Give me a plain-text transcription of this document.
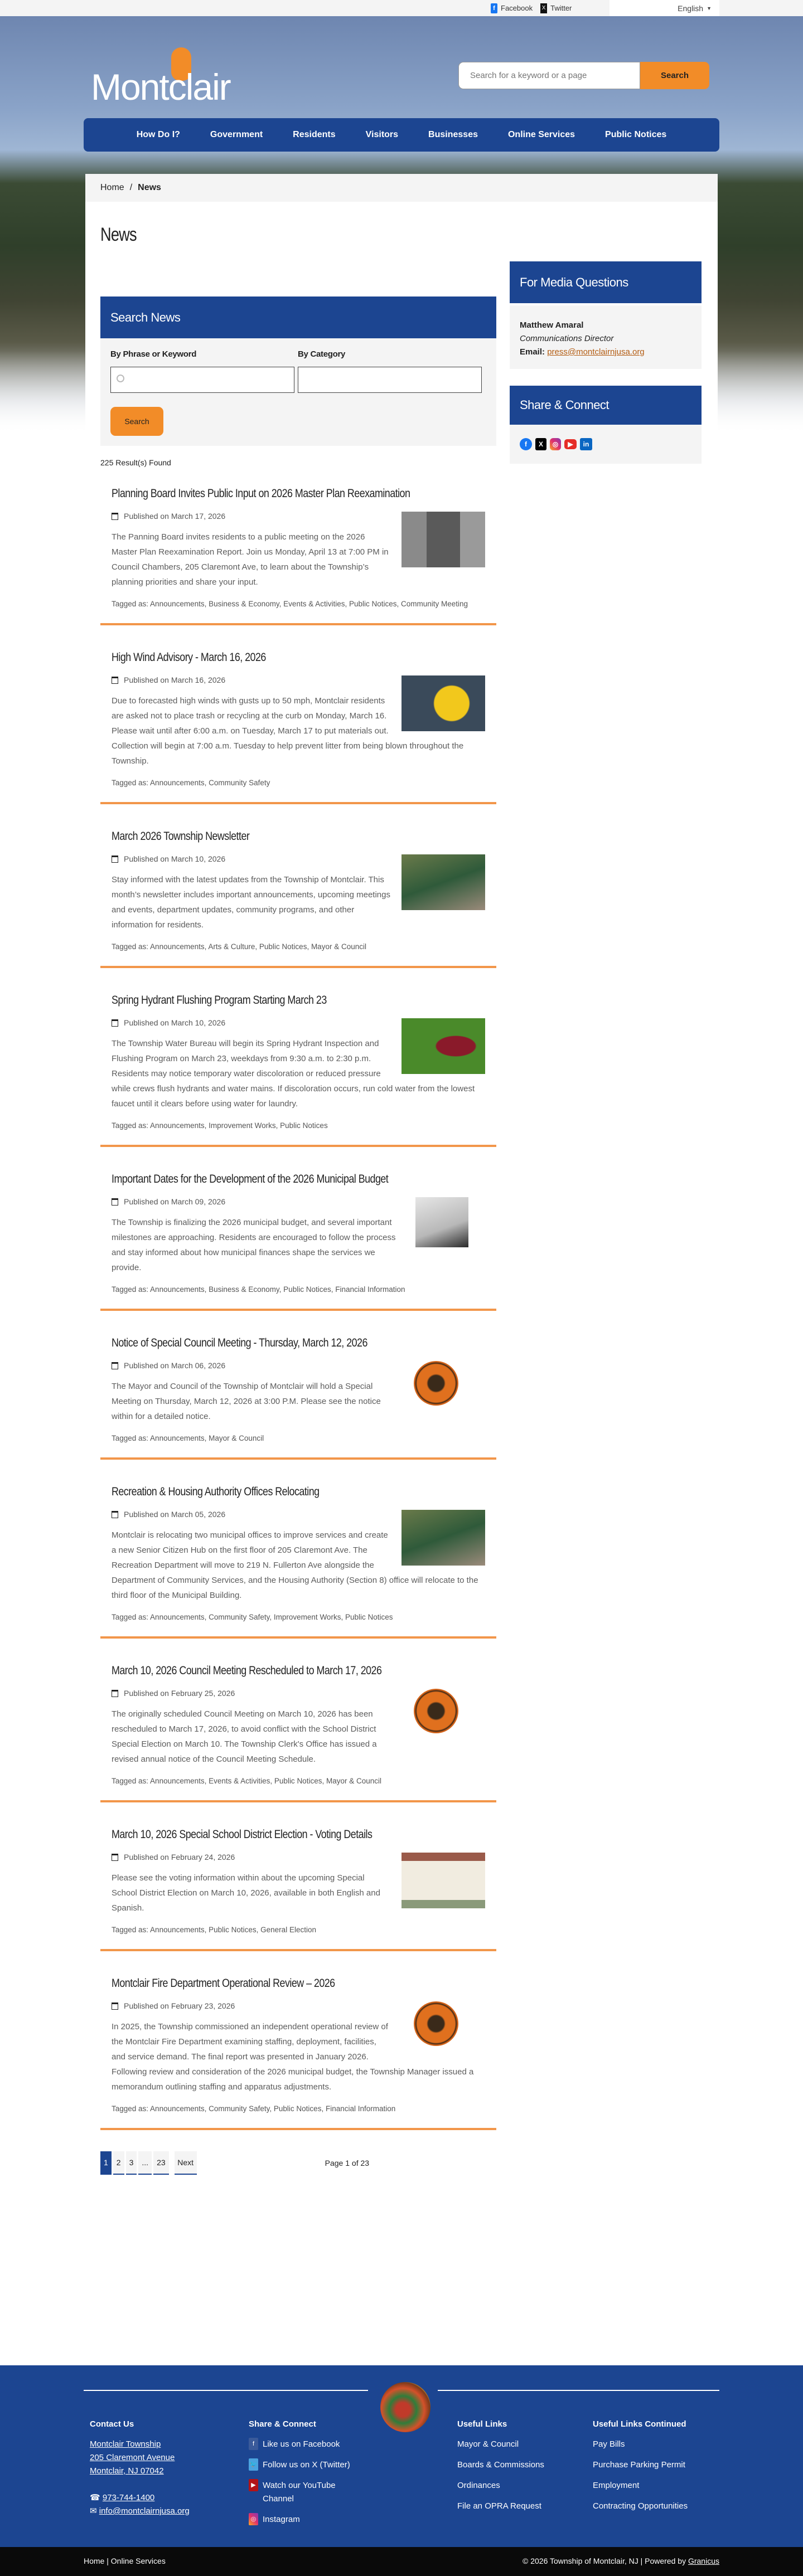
f Facebook X Twitter	English ▼
Montclair
Search for a keyword or a page	Search
How Do I?	Government	Residents	Visitors	Businesses	Online Services	Public Notices
Home / News
News
Search News
By Phrase or Keyword	By Category
Search
225 Result(s) Found
Planning Board Invites Public Input on 2026 Master Plan Reexamination
Published on March 17, 2026

The Panning Board invites residents to a public meeting on the 2026 Master Plan Reexamination Report. Join us Monday, April 13 at 7:00 PM in Council Chambers, 205 Claremont Ave, to learn about the Township’s planning priorities and share your input.

Tagged as: Announcements, Business & Economy, Events & Activities, Public Notices, Community Meeting
High Wind Advisory - March 16, 2026
Published on March 16, 2026

Due to forecasted high winds with gusts up to 50 mph, Montclair residents are asked not to place trash or recycling at the curb on Monday, March 16. Please wait until after 6:00 a.m. on Tuesday, March 17 to put materials out. Collection will begin at 7:00 a.m. Tuesday to help prevent litter from being blown throughout the Township.

Tagged as: Announcements, Community Safety
March 2026 Township Newsletter
Published on March 10, 2026

Stay informed with the latest updates from the Township of Montclair. This month’s newsletter includes important announcements, upcoming meetings and events, department updates, community programs, and other information for residents.

Tagged as: Announcements, Arts & Culture, Public Notices, Mayor & Council
Spring Hydrant Flushing Program Starting March 23
Published on March 10, 2026

The Township Water Bureau will begin its Spring Hydrant Inspection and Flushing Program on March 23, weekdays from 9:30 a.m. to 2:30 p.m. Residents may notice temporary water discoloration or reduced pressure while crews flush hydrants and water mains. If discoloration occurs, run cold water from the lowest faucet until it clears before using water for laundry.

Tagged as: Announcements, Improvement Works, Public Notices
Important Dates for the Development of the 2026 Municipal Budget
Published on March 09, 2026

The Township is finalizing the 2026 municipal budget, and several important milestones are approaching. Residents are encouraged to follow the process and stay informed about how municipal finances shape the services we provide.

Tagged as: Announcements, Business & Economy, Public Notices, Financial Information
Notice of Special Council Meeting - Thursday, March 12, 2026
Published on March 06, 2026

The Mayor and Council of the Township of Montclair will hold a Special Meeting on Thursday, March 12, 2026 at 3:00 P.M. Please see the notice within for a detailed notice.

Tagged as: Announcements, Mayor & Council
Recreation & Housing Authority Offices Relocating
Published on March 05, 2026

Montclair is relocating two municipal offices to improve services and create a new Senior Citizen Hub on the first floor of 205 Claremont Ave. The Recreation Department will move to 219 N. Fullerton Ave alongside the Department of Community Services, and the Housing Authority (Section 8) office will relocate to the third floor of the Municipal Building.

Tagged as: Announcements, Community Safety, Improvement Works, Public Notices
March 10, 2026 Council Meeting Rescheduled to March 17, 2026
Published on February 25, 2026

The originally scheduled Council Meeting on March 10, 2026 has been rescheduled to March 17, 2026, to avoid conflict with the School District Special Election on March 10. The Township Clerk's Office has issued a revised annual notice of the Council Meeting Schedule.

Tagged as: Announcements, Events & Activities, Public Notices, Mayor & Council
March 10, 2026 Special School District Election - Voting Details
Published on February 24, 2026

Please see the voting information within about the upcoming Special School District Election on March 10, 2026, available in both English and Spanish.

Tagged as: Announcements, Public Notices, General Election
Montclair Fire Department Operational Review – 2026
Published on February 23, 2026

In 2025, the Township commissioned an independent operational review of the Montclair Fire Department examining staffing, deployment, facilities, and service demand. The final report was presented in January 2026. Following review and consideration of the 2026 municipal budget, the Township Manager issued a memorandum outlining staffing and apparatus adjustments.

Tagged as: Announcements, Community Safety, Public Notices, Financial Information
1	2	3	...	23	Next	Page 1 of 23
For Media Questions
Matthew Amaral
Communications Director
Email: press@montclairnjusa.org
Share & Connect
f	X	◎	▶	in
Contact Us
Montclair Township
205 Claremont Avenue
Montclair, NJ 07042
☎ 973-744-1400
✉ info@montclairnjusa.org
Share & Connect
f Like us on Facebook
🐦 Follow us on X (Twitter)
▶ Watch our YouTube Channel
◎ Instagram
Useful Links
Mayor & Council
Boards & Commissions
Ordinances
File an OPRA Request
Useful Links Continued
Pay Bills
Purchase Parking Permit
Employment
Contracting Opportunities
Home | Online Services	© 2026 Township of Montclair, NJ | Powered by Granicus
